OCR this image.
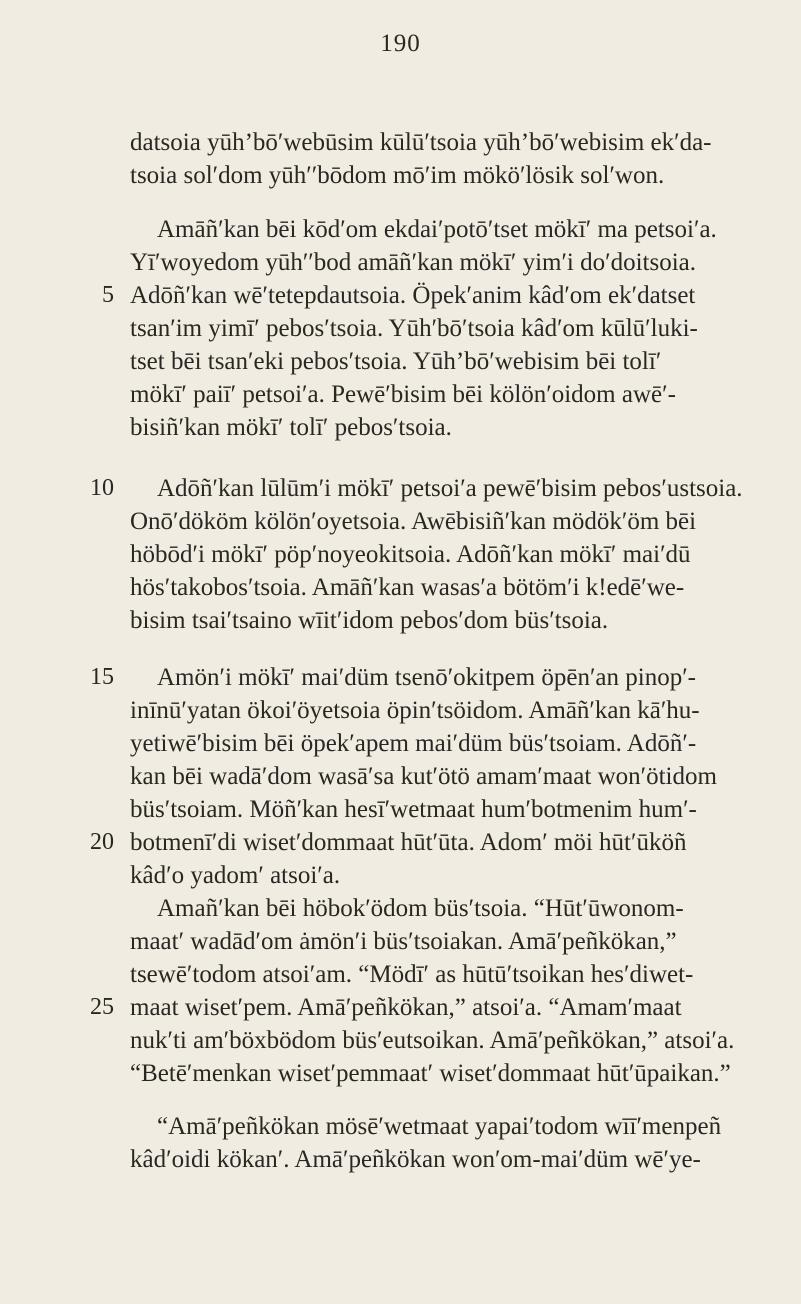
190
datsoia yūh’bō′webūsim kūlū′tsoia yūh’bō′webisim ek′da-
tsoia sol′dom yūh′′bōdom mō′im mökö′lösik sol′won.
Amāñ′kan bēi kōd′om ekdai′potō′tset mökī′ ma petsoi′a.
Yī′woyedom yūh′′bod amāñ′kan mökī′ yim′i do′doitsoia.
5 Adōñ′kan wē′tetepdautsoia. Öpek′anim kâd′om ek′datset
tsan′im yimī′ pebos′tsoia. Yūh′bō′tsoia kâd′om kūlū′luki-
tset bēi tsan′eki pebos′tsoia. Yūh’bō′webisim bēi tolī′
mökī′ paiī′ petsoi′a. Pewē′bisim bēi kölön′oidom awē′-
bisiñ′kan mökī′ tolī′ pebos′tsoia.
10 Adōñ′kan lūlūm′i mökī′ petsoi′a pewē′bisim pebos′ustsoia.
Onō′dököm kölön′oyetsoia. Awēbisiñ′kan mödök′öm bēi
höbōd′i mökī′ pöp′noyeokitsoia. Adōñ′kan mökī′ mai′dū
hös′takobos′tsoia. Amāñ′kan wasas′a bötöm′i k!edē′we-
bisim tsai′tsaino wīit′idom pebos′dom büs′tsoia.
15 Amön′i mökī′ mai′düm tsenō′okitpem öpēn′an pinop′-
inīnū′yatan ökoi′öyetsoia öpin′tsöidom. Amāñ′kan kā′hu-
yetiwē′bisim bēi öpek′apem mai′düm büs′tsoiam. Adōñ′-
kan bēi wadā′dom wasā′sa kut′ötö amam′maat won′ötidom
büs′tsoiam. Möñ′kan hesī′wetmaat hum′botmenim hum′-
20 botmenī′di wiset′dommaat hūt′ūta. Adom′ möi hūt′ūköñ
kâd′o yadom′ atsoi′a.
Amañ′kan bēi höbok′ödom büs′tsoia. “Hūt′ūwonom-
maat′ wadād′om ȧmön′i büs′tsoiakan. Amā′peñkökan,”
tsewē′todom atsoi′am. “Mödī′ as hūtū′tsoikan hes′diwet-
25 maat wiset′pem. Amā′peñkökan,” atsoi′a. “Amam′maat
nuk′ti am′böxbödom büs′eutsoikan. Amā′peñkökan,” atsoi′a.
“Betē′menkan wiset′pemmaat′ wiset′dommaat hūt′ūpaikan.”
“Amā′peñkökan mösē′wetmaat yapai′todom wīī′menpeñ
kâd′oidi kökan′. Amā′peñkökan won′om-mai′düm wē′ye-
